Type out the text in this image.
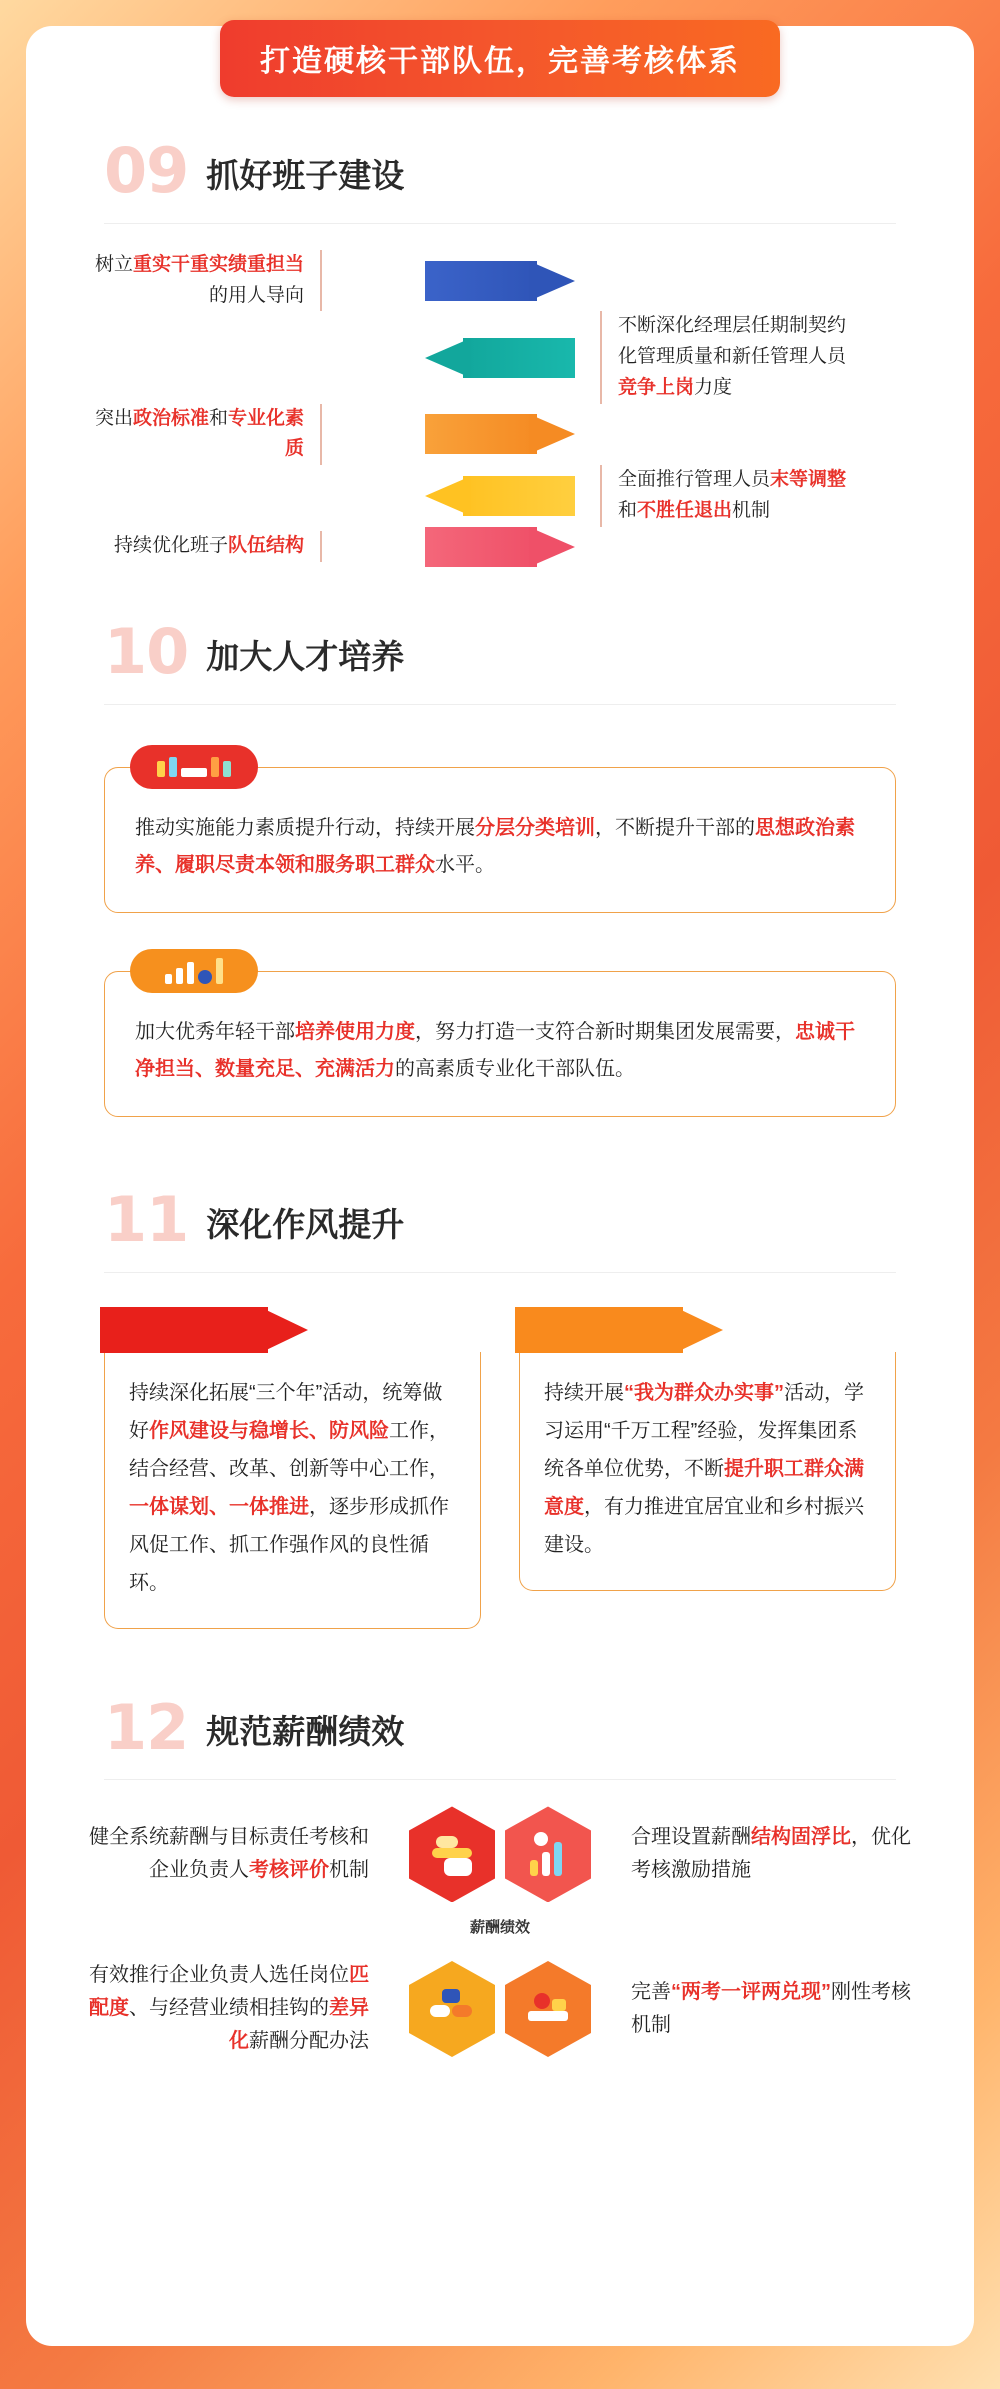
打造硬核干部队伍，完善考核体系
09 抓好班子建设
树立重实干重实绩重担当的用人导向
不断深化经理层任期制契约化管理质量和新任管理人员竞争上岗力度
突出政治标准和专业化素质
全面推行管理人员末等调整和不胜任退出机制
持续优化班子队伍结构
10 加大人才培养
推动实施能力素质提升行动，持续开展分层分类培训，不断提升干部的思想政治素养、履职尽责本领和服务职工群众水平。
加大优秀年轻干部培养使用力度，努力打造一支符合新时期集团发展需要，忠诚干净担当、数量充足、充满活力的高素质专业化干部队伍。
11 深化作风提升
持续深化拓展“三个年”活动，统筹做好作风建设与稳增长、防风险工作，结合经营、改革、创新等中心工作，一体谋划、一体推进，逐步形成抓作风促工作、抓工作强作风的良性循环。
持续开展“我为群众办实事”活动，学习运用“千万工程”经验，发挥集团系统各单位优势，不断提升职工群众满意度，有力推进宜居宜业和乡村振兴建设。
12 规范薪酬绩效
健全系统薪酬与目标责任考核和企业负责人考核评价机制
合理设置薪酬结构固浮比，优化考核激励措施
薪酬绩效
有效推行企业负责人选任岗位匹配度、与经营业绩相挂钩的差异化薪酬分配办法
完善“两考一评两兑现”刚性考核机制
